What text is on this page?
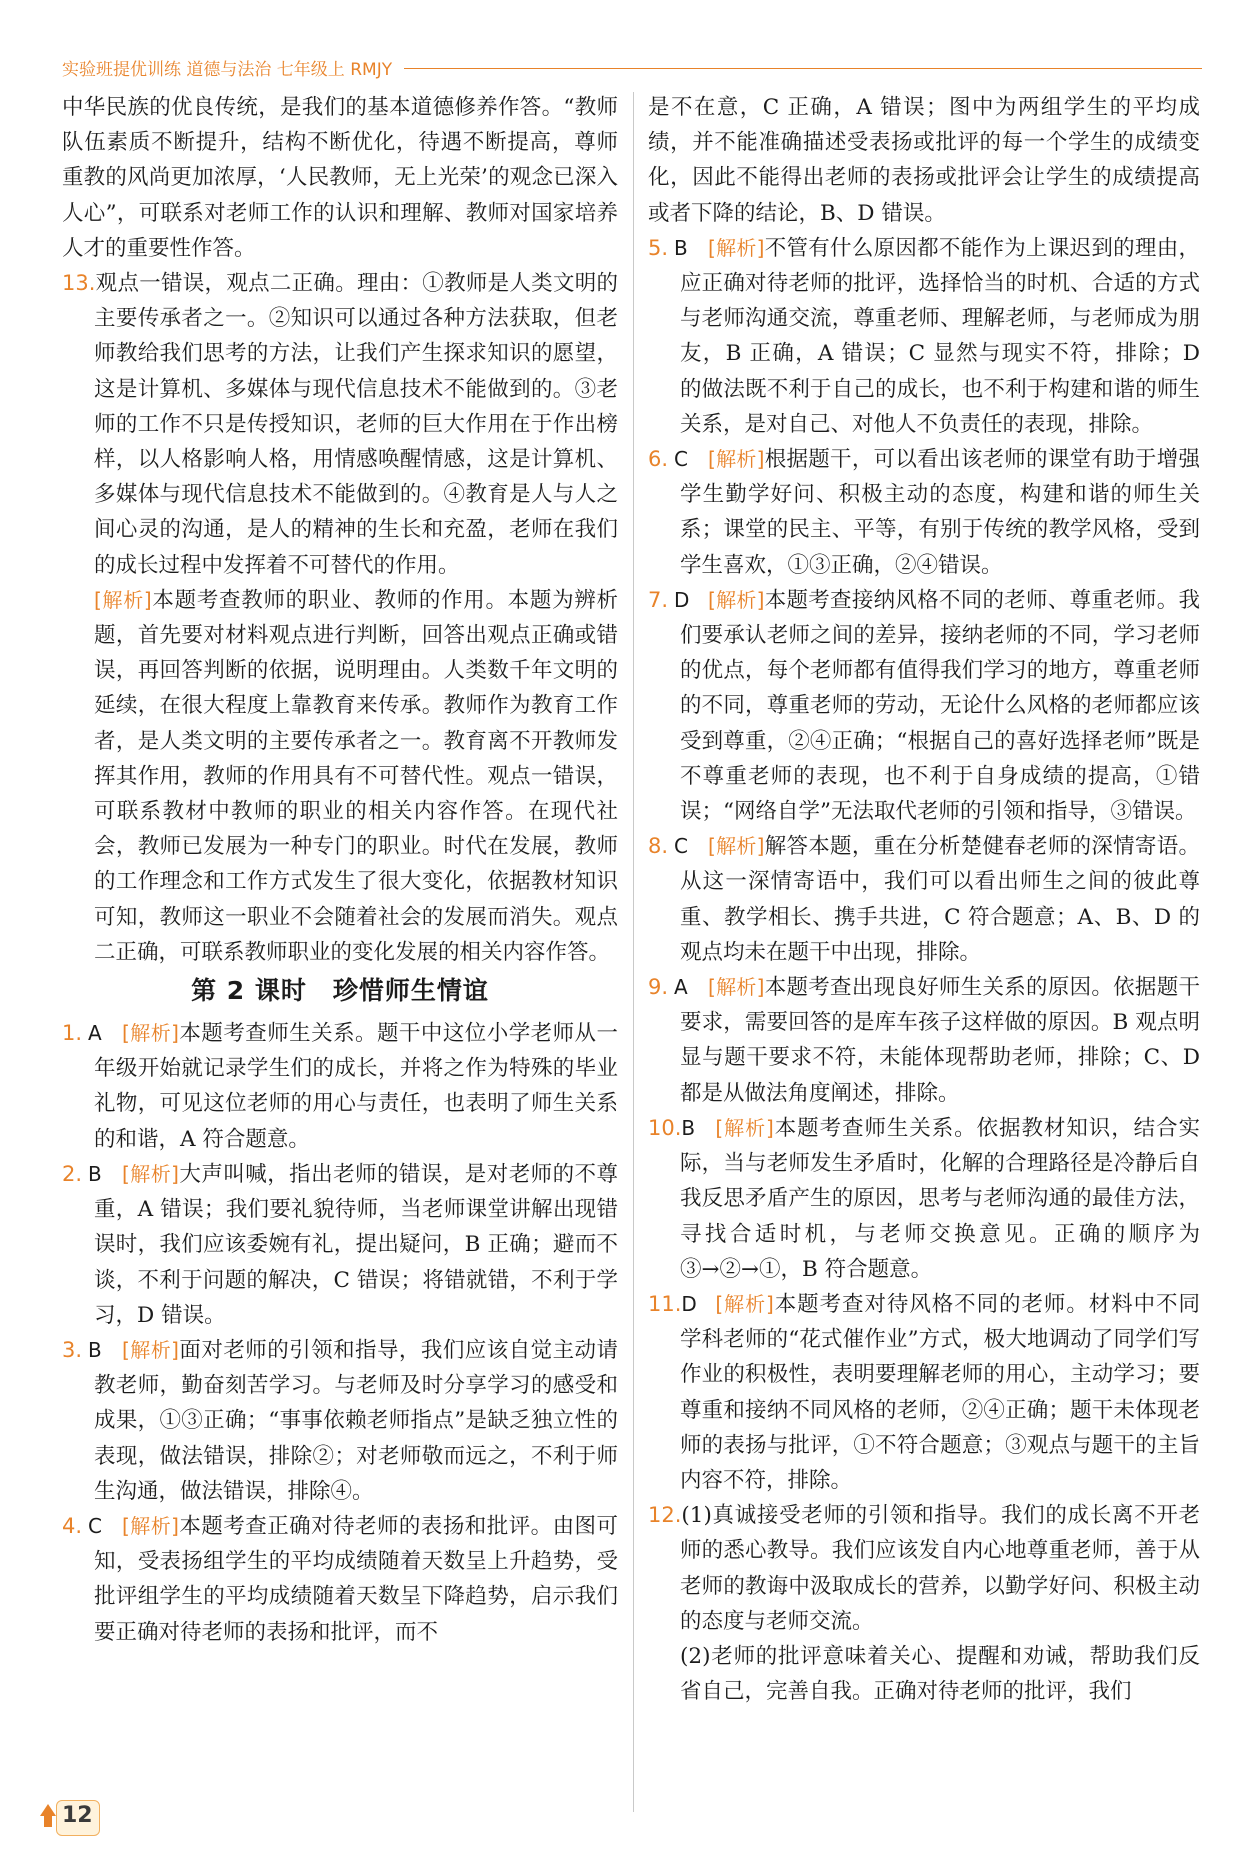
实验班提优训练 道德与法治 七年级上 RMJY

中华民族的优良传统，是我们的基本道德修养作答。“教师队伍素质不断提升，结构不断优化，待遇不断提高，尊师重教的风尚更加浓厚，‘人民教师，无上光荣’的观念已深入人心”，可联系对老师工作的认识和理解、教师对国家培养人才的重要性作答。

13.观点一错误，观点二正确。理由：①教师是人类文明的主要传承者之一。②知识可以通过各种方法获取，但老师教给我们思考的方法，让我们产生探求知识的愿望，这是计算机、多媒体与现代信息技术不能做到的。③老师的工作不只是传授知识，老师的巨大作用在于作出榜样，以人格影响人格，用情感唤醒情感，这是计算机、多媒体与现代信息技术不能做到的。④教育是人与人之间心灵的沟通，是人的精神的生长和充盈，老师在我们的成长过程中发挥着不可替代的作用。

[解析]本题考查教师的职业、教师的作用。本题为辨析题，首先要对材料观点进行判断，回答出观点正确或错误，再回答判断的依据，说明理由。人类数千年文明的延续，在很大程度上靠教育来传承。教师作为教育工作者，是人类文明的主要传承者之一。教育离不开教师发挥其作用，教师的作用具有不可替代性。观点一错误，可联系教材中教师的职业的相关内容作答。在现代社会，教师已发展为一种专门的职业。时代在发展，教师的工作理念和工作方式发生了很大变化，依据教材知识可知，教师这一职业不会随着社会的发展而消失。观点二正确，可联系教师职业的变化发展的相关内容作答。

第 2 课时　珍惜师生情谊

1. A [解析]本题考查师生关系。题干中这位小学老师从一年级开始就记录学生们的成长，并将之作为特殊的毕业礼物，可见这位老师的用心与责任，也表明了师生关系的和谐，A 符合题意。

2. B [解析]大声叫喊，指出老师的错误，是对老师的不尊重，A 错误；我们要礼貌待师，当老师课堂讲解出现错误时，我们应该委婉有礼，提出疑问，B 正确；避而不谈，不利于问题的解决，C 错误；将错就错，不利于学习，D 错误。

3. B [解析]面对老师的引领和指导，我们应该自觉主动请教老师，勤奋刻苦学习。与老师及时分享学习的感受和成果，①③正确；“事事依赖老师指点”是缺乏独立性的表现，做法错误，排除②；对老师敬而远之，不利于师生沟通，做法错误，排除④。

4. C [解析]本题考查正确对待老师的表扬和批评。由图可知，受表扬组学生的平均成绩随着天数呈上升趋势，受批评组学生的平均成绩随着天数呈下降趋势，启示我们要正确对待老师的表扬和批评，而不

是不在意，C 正确，A 错误；图中为两组学生的平均成绩，并不能准确描述受表扬或批评的每一个学生的成绩变化，因此不能得出老师的表扬或批评会让学生的成绩提高或者下降的结论，B、D 错误。

5. B [解析]不管有什么原因都不能作为上课迟到的理由，应正确对待老师的批评，选择恰当的时机、合适的方式与老师沟通交流，尊重老师、理解老师，与老师成为朋友，B 正确，A 错误；C 显然与现实不符，排除；D 的做法既不利于自己的成长，也不利于构建和谐的师生关系，是对自己、对他人不负责任的表现，排除。

6. C [解析]根据题干，可以看出该老师的课堂有助于增强学生勤学好问、积极主动的态度，构建和谐的师生关系；课堂的民主、平等，有别于传统的教学风格，受到学生喜欢，①③正确，②④错误。

7. D [解析]本题考查接纳风格不同的老师、尊重老师。我们要承认老师之间的差异，接纳老师的不同，学习老师的优点，每个老师都有值得我们学习的地方，尊重老师的不同，尊重老师的劳动，无论什么风格的老师都应该受到尊重，②④正确；“根据自己的喜好选择老师”既是不尊重老师的表现，也不利于自身成绩的提高，①错误；“网络自学”无法取代老师的引领和指导，③错误。

8. C [解析]解答本题，重在分析楚健春老师的深情寄语。从这一深情寄语中，我们可以看出师生之间的彼此尊重、教学相长、携手共进，C 符合题意；A、B、D 的观点均未在题干中出现，排除。

9. A [解析]本题考查出现良好师生关系的原因。依据题干要求，需要回答的是库车孩子这样做的原因。B 观点明显与题干要求不符，未能体现帮助老师，排除；C、D 都是从做法角度阐述，排除。

10.B [解析]本题考查师生关系。依据教材知识，结合实际，当与老师发生矛盾时，化解的合理路径是冷静后自我反思矛盾产生的原因，思考与老师沟通的最佳方法，寻找合适时机，与老师交换意见。正确的顺序为③→②→①，B 符合题意。

11.D [解析]本题考查对待风格不同的老师。材料中不同学科老师的“花式催作业”方式，极大地调动了同学们写作业的积极性，表明要理解老师的用心，主动学习；要尊重和接纳不同风格的老师，②④正确；题干未体现老师的表扬与批评，①不符合题意；③观点与题干的主旨内容不符，排除。

12.(1)真诚接受老师的引领和指导。我们的成长离不开老师的悉心教导。我们应该发自内心地尊重老师，善于从老师的教诲中汲取成长的营养，以勤学好问、积极主动的态度与老师交流。

(2)老师的批评意味着关心、提醒和劝诫，帮助我们反省自己，完善自我。正确对待老师的批评，我们

12
